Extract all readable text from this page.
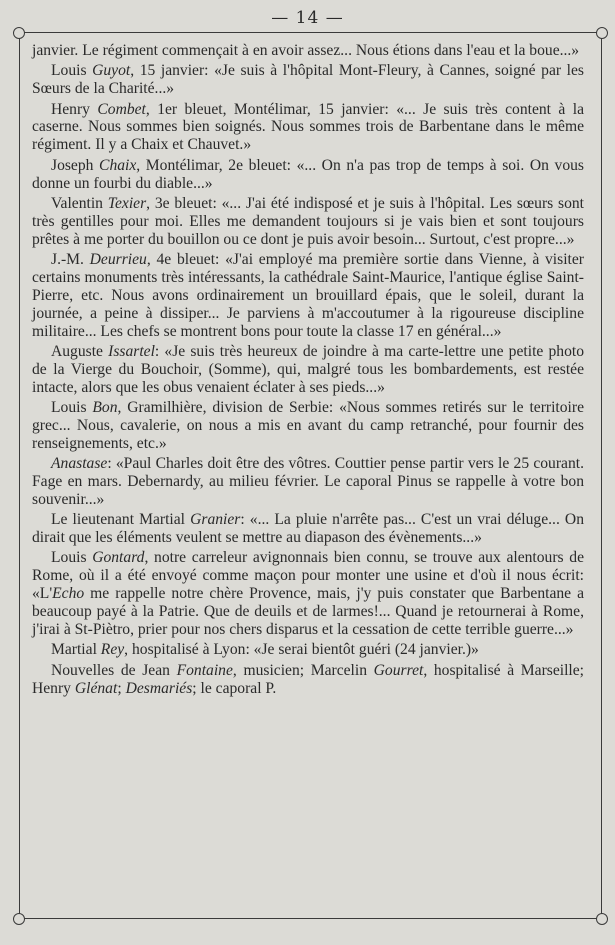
— 14 —

janvier. Le régiment commençait à en avoir assez... Nous étions dans l'eau et la boue...»

Louis Guyot, 15 janvier: «Je suis à l'hôpital Mont-Fleury, à Cannes, soigné par les Sœurs de la Charité...»

Henry Combet, 1er bleuet, Montélimar, 15 janvier: «... Je suis très content à la caserne. Nous sommes bien soignés. Nous sommes trois de Barbentane dans le même régiment. Il y a Chaix et Chauvet.»

Joseph Chaix, Montélimar, 2e bleuet: «... On n'a pas trop de temps à soi. On vous donne un fourbi du diable...»

Valentin Texier, 3e bleuet: «... J'ai été indisposé et je suis à l'hôpital. Les sœurs sont très gentilles pour moi. Elles me demandent toujours si je vais bien et sont toujours prêtes à me porter du bouillon ou ce dont je puis avoir besoin... Surtout, c'est propre...»

J.-M. Deurrieu, 4e bleuet: «J'ai employé ma première sortie dans Vienne, à visiter certains monuments très intéressants, la cathédrale Saint-Maurice, l'antique église Saint-Pierre, etc. Nous avons ordinairement un brouillard épais, que le soleil, durant la journée, a peine à dissiper... Je parviens à m'accoutumer à la rigoureuse discipline militaire... Les chefs se montrent bons pour toute la classe 17 en général...»

Auguste Issartel: «Je suis très heureux de joindre à ma carte-lettre une petite photo de la Vierge du Bouchoir, (Somme), qui, malgré tous les bombardements, est restée intacte, alors que les obus venaient éclater à ses pieds...»

Louis Bon, Gramilhière, division de Serbie: «Nous sommes retirés sur le territoire grec... Nous, cavalerie, on nous a mis en avant du camp retranché, pour fournir des renseignements, etc.»

Anastase: «Paul Charles doit être des vôtres. Couttier pense partir vers le 25 courant. Fage en mars. Debernardy, au milieu février. Le caporal Pinus se rappelle à votre bon souvenir...»

Le lieutenant Martial Granier: «... La pluie n'arrête pas... C'est un vrai déluge... On dirait que les éléments veulent se mettre au diapason des évènements...»

Louis Gontard, notre carreleur avignonnais bien connu, se trouve aux alentours de Rome, où il a été envoyé comme maçon pour monter une usine et d'où il nous écrit: «L'Echo me rappelle notre chère Provence, mais, j'y puis constater que Barbentane a beaucoup payé à la Patrie. Que de deuils et de larmes!... Quand je retournerai à Rome, j'irai à St-Piètro, prier pour nos chers disparus et la cessation de cette terrible guerre...»

Martial Rey, hospitalisé à Lyon: «Je serai bientôt guéri (24 janvier.)»

Nouvelles de Jean Fontaine, musicien; Marcelin Gourret, hospitalisé à Marseille; Henry Glénat; Desmariés; le caporal P.
